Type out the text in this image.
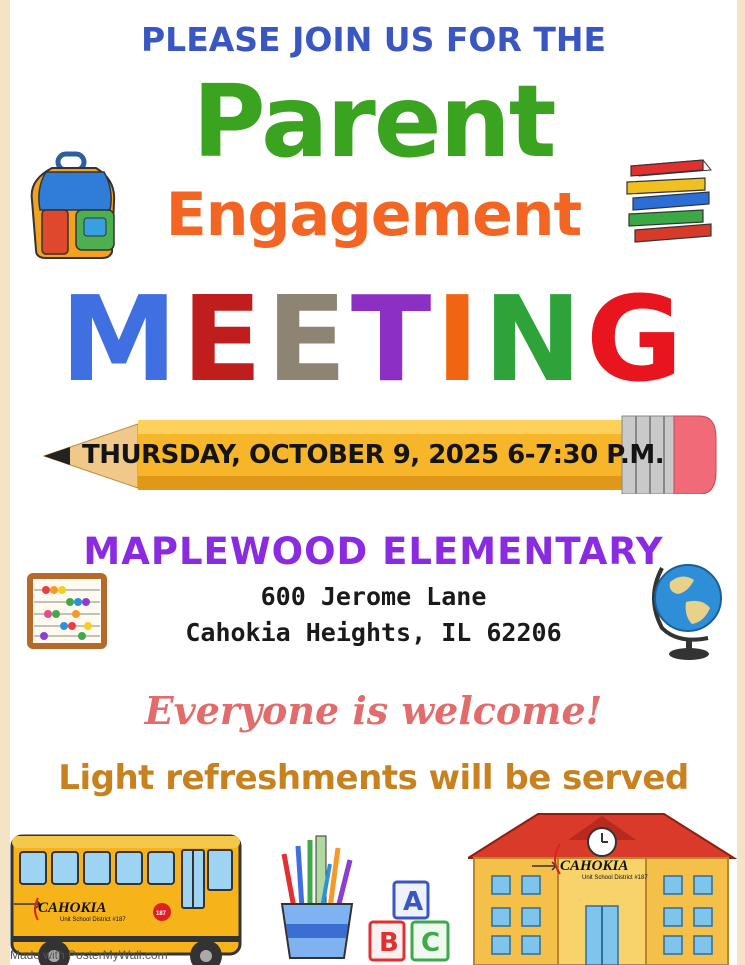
PLEASE JOIN US FOR THE
Parent
Engagement
MEETING
THURSDAY, OCTOBER 9, 2025 6-7:30 P.M.
MAPLEWOOD ELEMENTARY
600 Jerome Lane
Cahokia Heights, IL 62206
Everyone is welcome!
Light refreshments will be served
187
CAHOKIA
Unit School District #187
A
B C
CAHOKIA
Unit School District #187
Made with PosterMyWall.com
